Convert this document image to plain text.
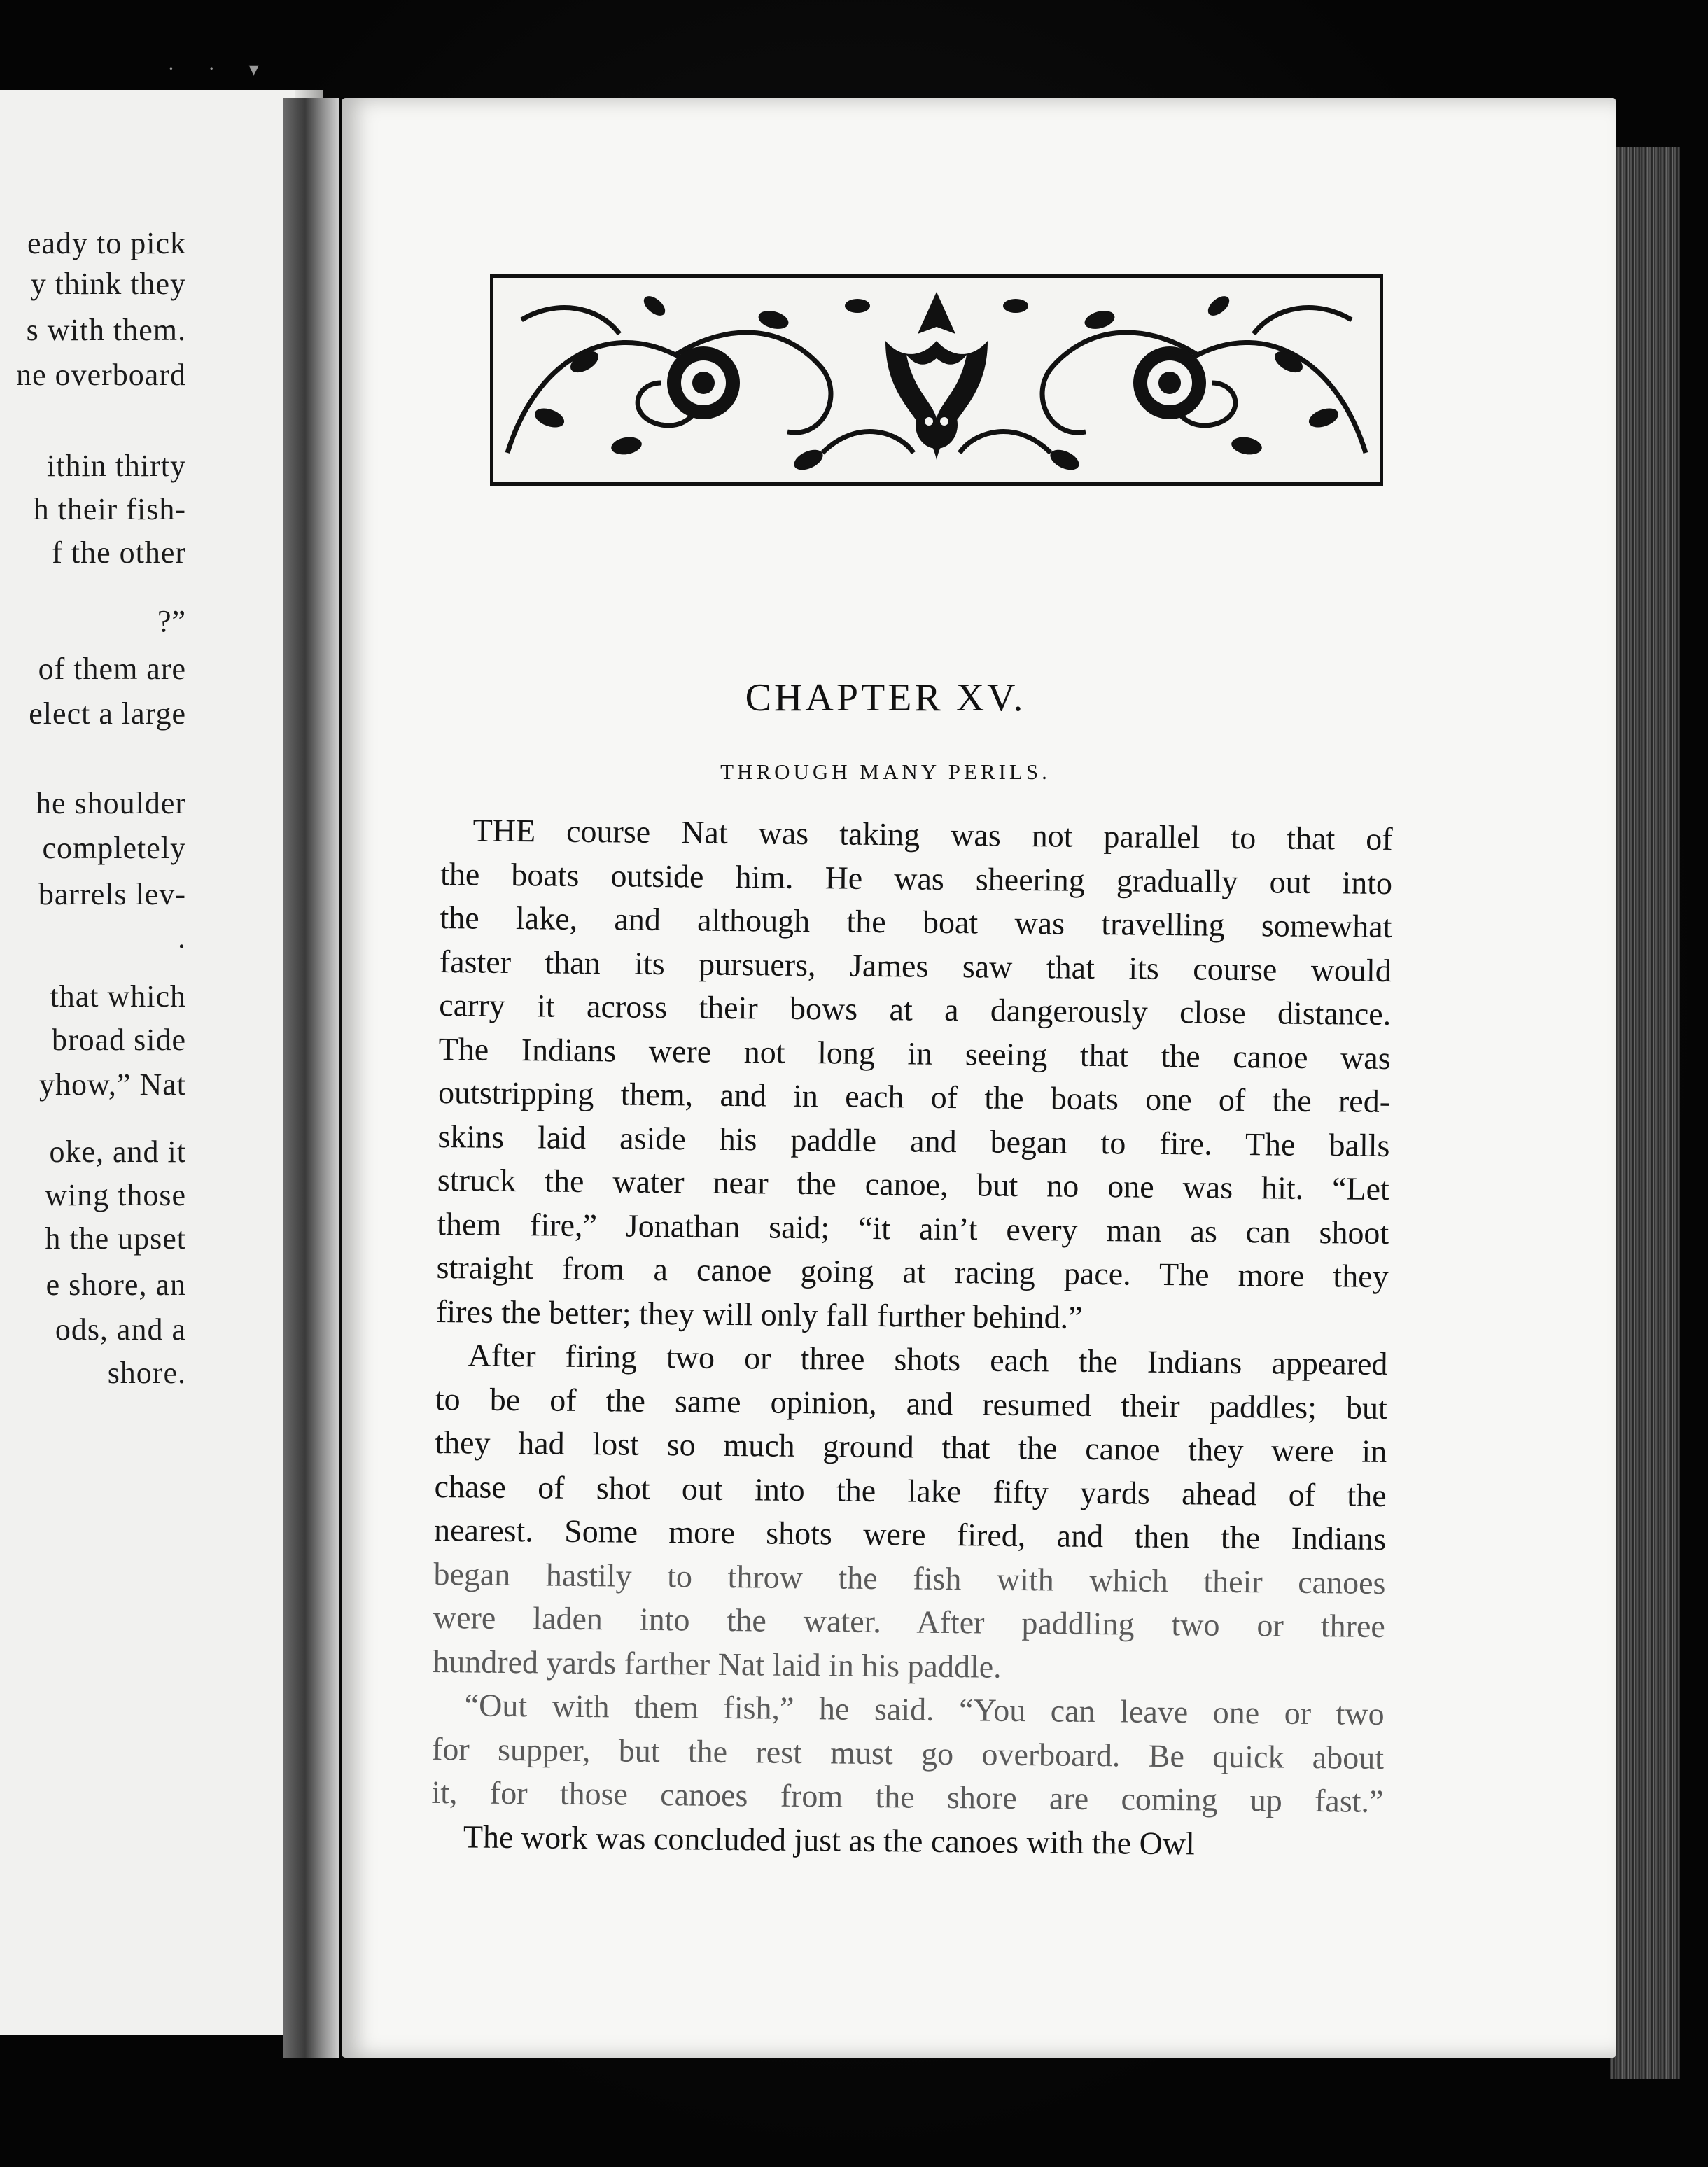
· · ▾
eady to pick
y think they
s with them.
ne overboard
ithin thirty
h their fish-
f the other
?”
of them are
elect a large
he shoulder
completely
barrels lev-
.
that which
broad side
yhow,” Nat
oke, and it
wing those
h the upset
e shore, an
ods, and a
shore.
CHAPTER XV.
THROUGH MANY PERILS.
THE course Nat was taking was not parallel to that of
the boats outside him. He was sheering gradually out into
the lake, and although the boat was travelling somewhat
faster than its pursuers, James saw that its course would
carry it across their bows at a dangerously close distance.
The Indians were not long in seeing that the canoe was
outstripping them, and in each of the boats one of the red-
skins laid aside his paddle and began to fire. The balls
struck the water near the canoe, but no one was hit. “Let
them fire,” Jonathan said; “it ain’t every man as can shoot
straight from a canoe going at racing pace. The more they
fires the better; they will only fall further behind.”
After firing two or three shots each the Indians appeared
to be of the same opinion, and resumed their paddles; but
they had lost so much ground that the canoe they were in
chase of shot out into the lake fifty yards ahead of the
nearest. Some more shots were fired, and then the Indians
began hastily to throw the fish with which their canoes
were laden into the water. After paddling two or three
hundred yards farther Nat laid in his paddle.
“Out with them fish,” he said. “You can leave one or two
for supper, but the rest must go overboard. Be quick about
it, for those canoes from the shore are coming up fast.”
The work was concluded just as the canoes with the Owl
